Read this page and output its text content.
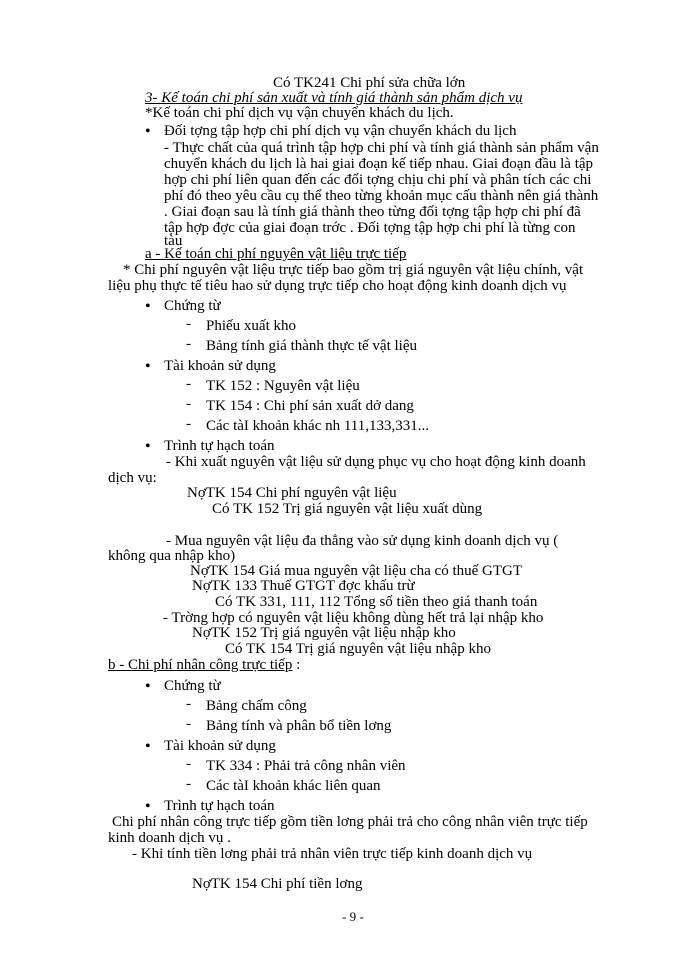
Có TK241 Chi phí sửa chữa lớn
3- Kế toán chi phí sản xuất và tính giá thành sản phẩm dịch vụ
*Kế toán chi phí dịch vụ vận chuyển khách du lịch.
• Đối tợng tập hợp chi phí dịch vụ vận chuyển khách du lịch
- Thực chất của quá trình tập hợp chi phí và tính giá thành sản phẩm vận
chuyển khách du lịch là hai giai đoạn kế tiếp nhau. Giai đoạn đầu là tập
hợp chi phí liên quan đến các đối tợng chịu chi phí và phân tích các chi
phí đó theo yêu cầu cụ thể theo từng khoản mục cấu thành nên giá thành
. Giai đoạn sau là tính giá thành theo từng đối tợng tập hợp chi phí đã
tập hợp đợc của giai đoạn trớc . Đối tợng tập hợp chi phí là từng con
tàu
a - Kế toán chi phí nguyên vật liệu trực tiếp
* Chi phí nguyên vật liệu trực tiếp bao gồm trị giá nguyên vật liệu chính, vật
liệu phụ thực tế tiêu hao sử dụng trực tiếp cho hoạt động kinh doanh dịch vụ
• Chứng từ
- Phiếu xuất kho
- Bảng tính giá thành thực tế vật liệu
• Tài khoản sử dụng
- TK 152 : Nguyên vật liệu
- TK 154 : Chi phí sản xuất dở dang
- Các tàI khoản khác nh 111,133,331...
• Trình tự hạch toán
- Khi xuất nguyên vật liệu sử dụng phục vụ cho hoạt động kinh doanh
dịch vụ:
NợTK 154 Chi phí nguyên vật liệu
Có TK 152 Trị giá nguyên vật liệu xuất dùng
- Mua nguyên vật liệu đa thẳng vào sử dụng kinh doanh dịch vụ (
không qua nhập kho)
NợTK 154 Giá mua nguyên vật liệu cha có thuế GTGT
NợTK 133 Thuế GTGT đợc khấu trừ
Có TK 331, 111, 112 Tổng số tiền theo giá thanh toán
- Trờng hợp có nguyên vật liệu không dùng hết trả lại nhập kho
NợTK 152 Trị giá nguyên vật liệu nhập kho
Có TK 154 Trị giá nguyên vật liệu nhập kho
b - Chi phí nhân công trực tiếp :
• Chứng từ
- Bảng chấm công
- Bảng tính và phân bổ tiền lơng
• Tài khoản sử dụng
- TK 334 : Phải trả công nhân viên
- Các tàI khoản khác liên quan
• Trình tự hạch toán
Chi phí nhân công trực tiếp gồm tiền lơng phải trả cho công nhân viên trực tiếp
kinh doanh dịch vụ .
- Khi tính tiền lơng phải trả nhân viên trực tiếp kinh doanh dịch vụ
NợTK 154 Chi phí tiền lơng
- 9 -
